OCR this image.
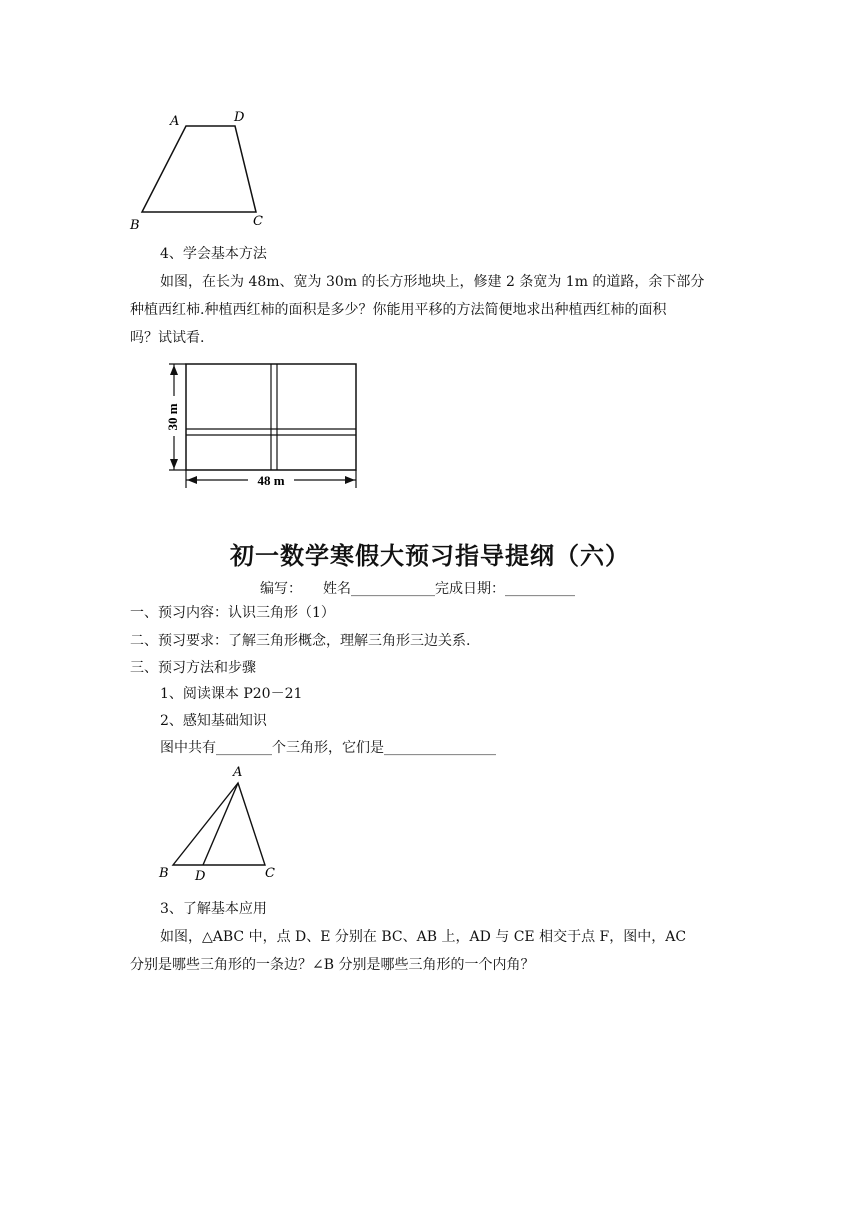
A	D
B	C
4、学会基本方法
如图，在长为 48m、宽为 30m 的长方形地块上，修建 2 条宽为 1m 的道路，余下部分
种植西红柿.种植西红柿的面积是多少？你能用平移的方法简便地求出种植西红柿的面积
吗？试试看.
30 m
48 m
初一数学寒假大预习指导提纲（六）
编写：　　姓名____________完成日期：__________
一、预习内容：认识三角形（1）
二、预习要求：了解三角形概念，理解三角形三边关系.
三、预习方法和步骤
1、阅读课本 P20－21
2、感知基础知识
图中共有________个三角形，它们是________________
A
B D	C
3、了解基本应用
如图，△ABC 中，点 D、E 分别在 BC、AB 上，AD 与 CE 相交于点 F，图中，AC
分别是哪些三角形的一条边？∠B 分别是哪些三角形的一个内角？
